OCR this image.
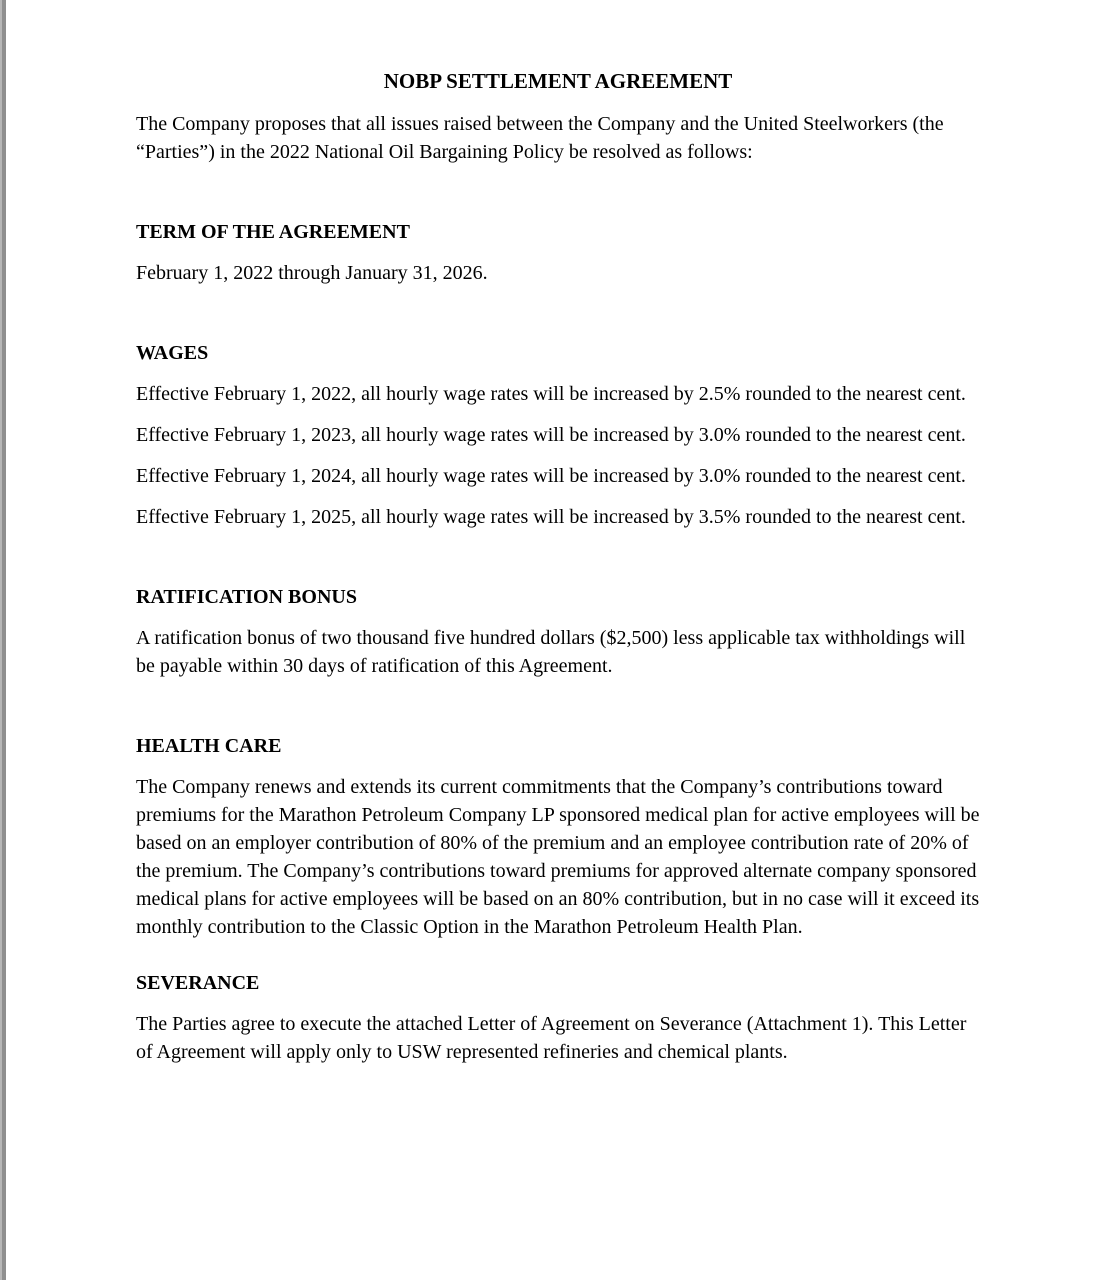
NOBP SETTLEMENT AGREEMENT

The Company proposes that all issues raised between the Company and the United Steelworkers (the “Parties”) in the 2022 National Oil Bargaining Policy be resolved as follows:

TERM OF THE AGREEMENT

February 1, 2022 through January 31, 2026.

WAGES

Effective February 1, 2022, all hourly wage rates will be increased by 2.5% rounded to the nearest cent.

Effective February 1, 2023, all hourly wage rates will be increased by 3.0% rounded to the nearest cent.

Effective February 1, 2024, all hourly wage rates will be increased by 3.0% rounded to the nearest cent.

Effective February 1, 2025, all hourly wage rates will be increased by 3.5% rounded to the nearest cent.

RATIFICATION BONUS

A ratification bonus of two thousand five hundred dollars ($2,500) less applicable tax withholdings will be payable within 30 days of ratification of this Agreement.

HEALTH CARE

The Company renews and extends its current commitments that the Company’s contributions toward premiums for the Marathon Petroleum Company LP sponsored medical plan for active employees will be based on an employer contribution of 80% of the premium and an employee contribution rate of 20% of the premium. The Company’s contributions toward premiums for approved alternate company sponsored medical plans for active employees will be based on an 80% contribution, but in no case will it exceed its monthly contribution to the Classic Option in the Marathon Petroleum Health Plan.

SEVERANCE

The Parties agree to execute the attached Letter of Agreement on Severance (Attachment 1). This Letter of Agreement will apply only to USW represented refineries and chemical plants.
